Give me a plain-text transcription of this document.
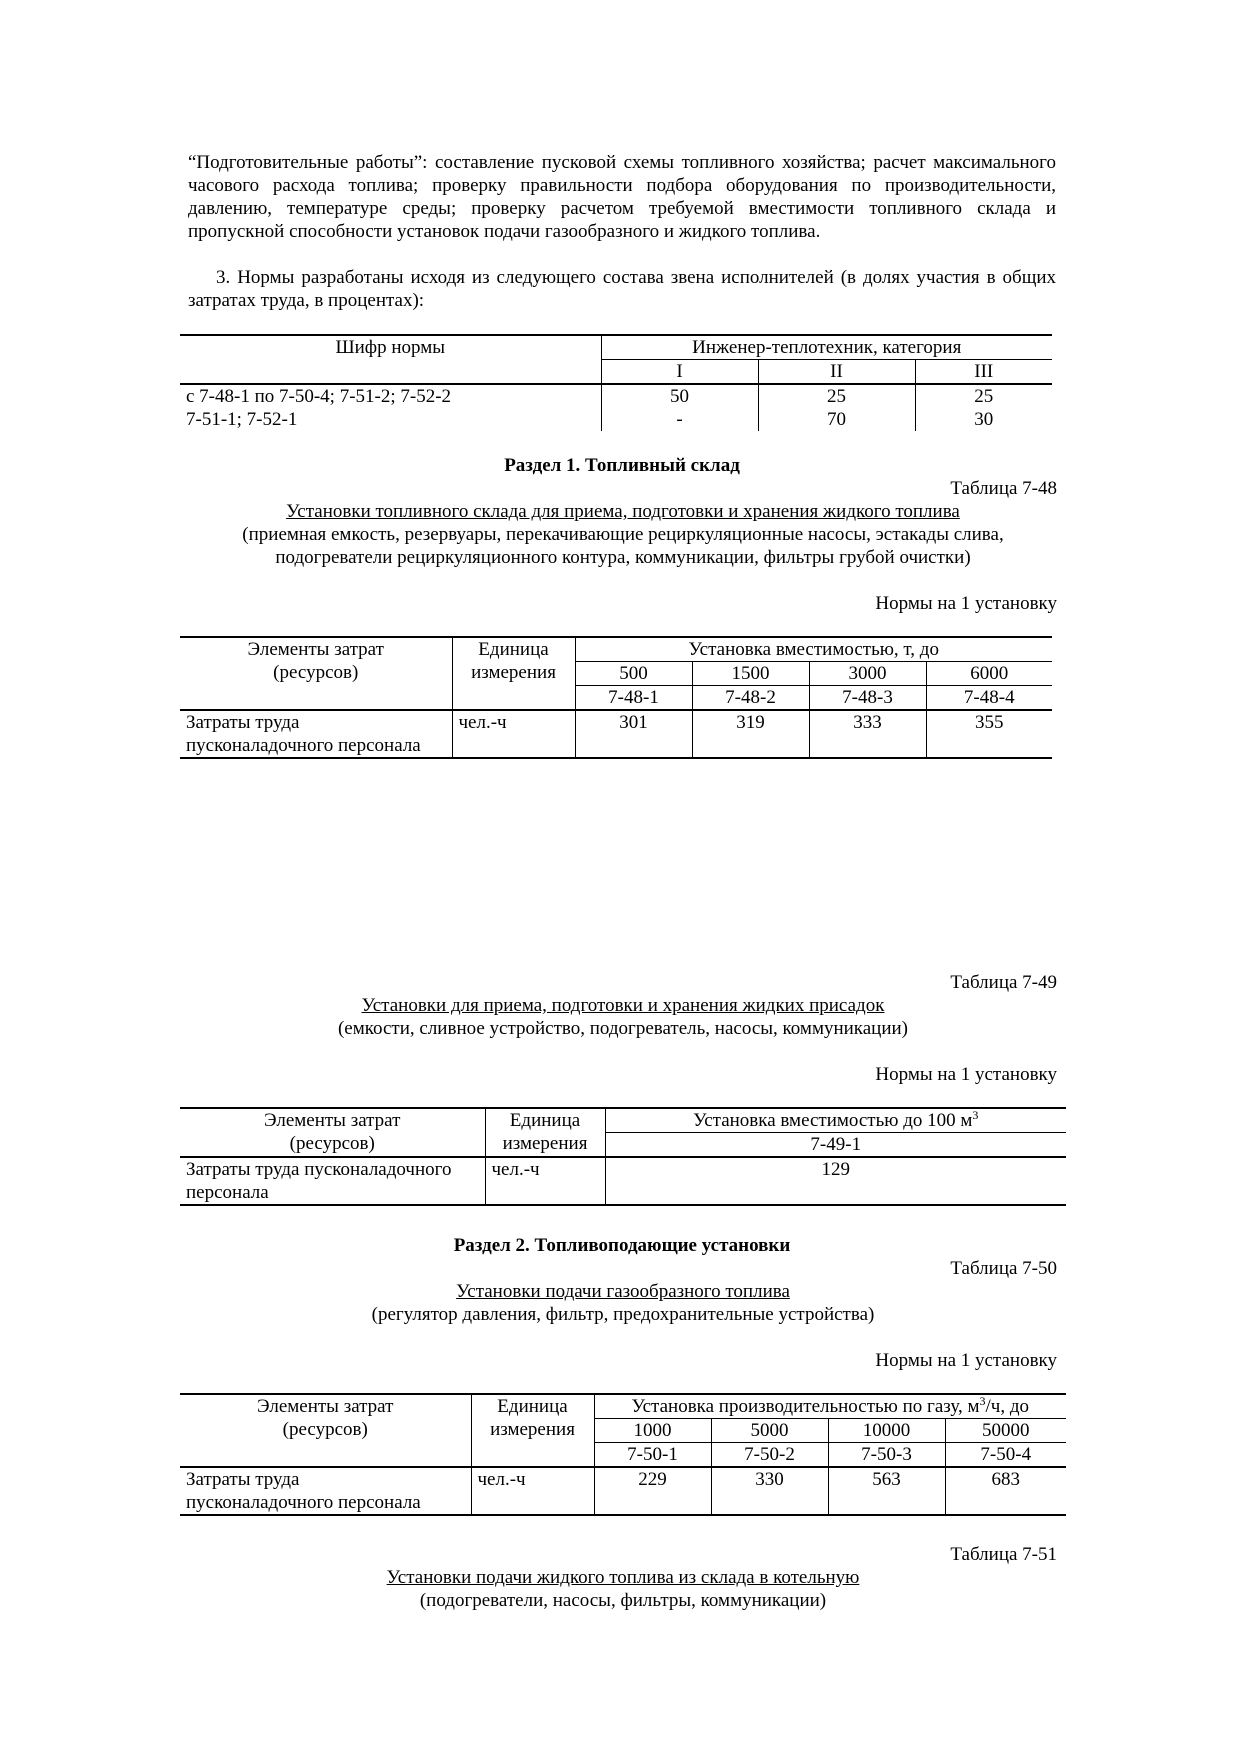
“Подготовительные работы”: составление пусковой схемы топливного хозяйства; расчет максимального часового расхода топлива; проверку правильности подбора оборудования по производительности, давлению, температуре среды; проверку расчетом требуемой вместимости топливного склада и пропускной способности установок подачи газообразного и жидкого топлива.
3. Нормы разработаны исходя из следующего состава звена исполнителей (в долях участия в общих затратах труда, в процентах):
Шифр нормы	Инженер-теплотехник, категория		
	I	II	III
с 7-48-1 по 7-50-4; 7-51-2; 7-52-2	50	25	25
7-51-1; 7-52-1	-	70	30
Раздел 1. Топливный склад
Таблица 7-48
Установки топливного склада для приема, подготовки и хранения жидкого топлива
(приемная емкость, резервуары, перекачивающие рециркуляционные насосы, эстакады слива,
подогреватели рециркуляционного контура, коммуникации, фильтры грубой очистки)
Нормы на 1 установку
Элементы затрат
(ресурсов)	Единица
измерения	Установка вместимостью, т, до			
		500	1500	3000	6000
		7-48-1	7-48-2	7-48-3	7-48-4
Затраты труда
пусконаладочного персонала	чел.-ч	301	319	333	355
Таблица 7-49
Установки для приема, подготовки и хранения жидких присадок
(емкости, сливное устройство, подогреватель, насосы, коммуникации)
Нормы на 1 установку
Элементы затрат
(ресурсов)	Единица
измерения	Установка вместимостью до 100 $м^3$
		7-49-1
Затраты труда пусконаладочного
персонала	чел.-ч	129
Раздел 2. Топливоподающие установки
Таблица 7-50
Установки подачи газообразного топлива
(регулятор давления, фильтр, предохранительные устройства)
Нормы на 1 установку
Элементы затрат
(ресурсов)	Единица
измерения	Установка производительностью по газу, $м^3/ч$, до			
		1000	5000	10000	50000
		7-50-1	7-50-2	7-50-3	7-50-4
Затраты труда
пусконаладочного персонала	чел.-ч	229	330	563	683
Таблица 7-51
Установки подачи жидкого топлива из склада в котельную
(подогреватели, насосы, фильтры, коммуникации)
